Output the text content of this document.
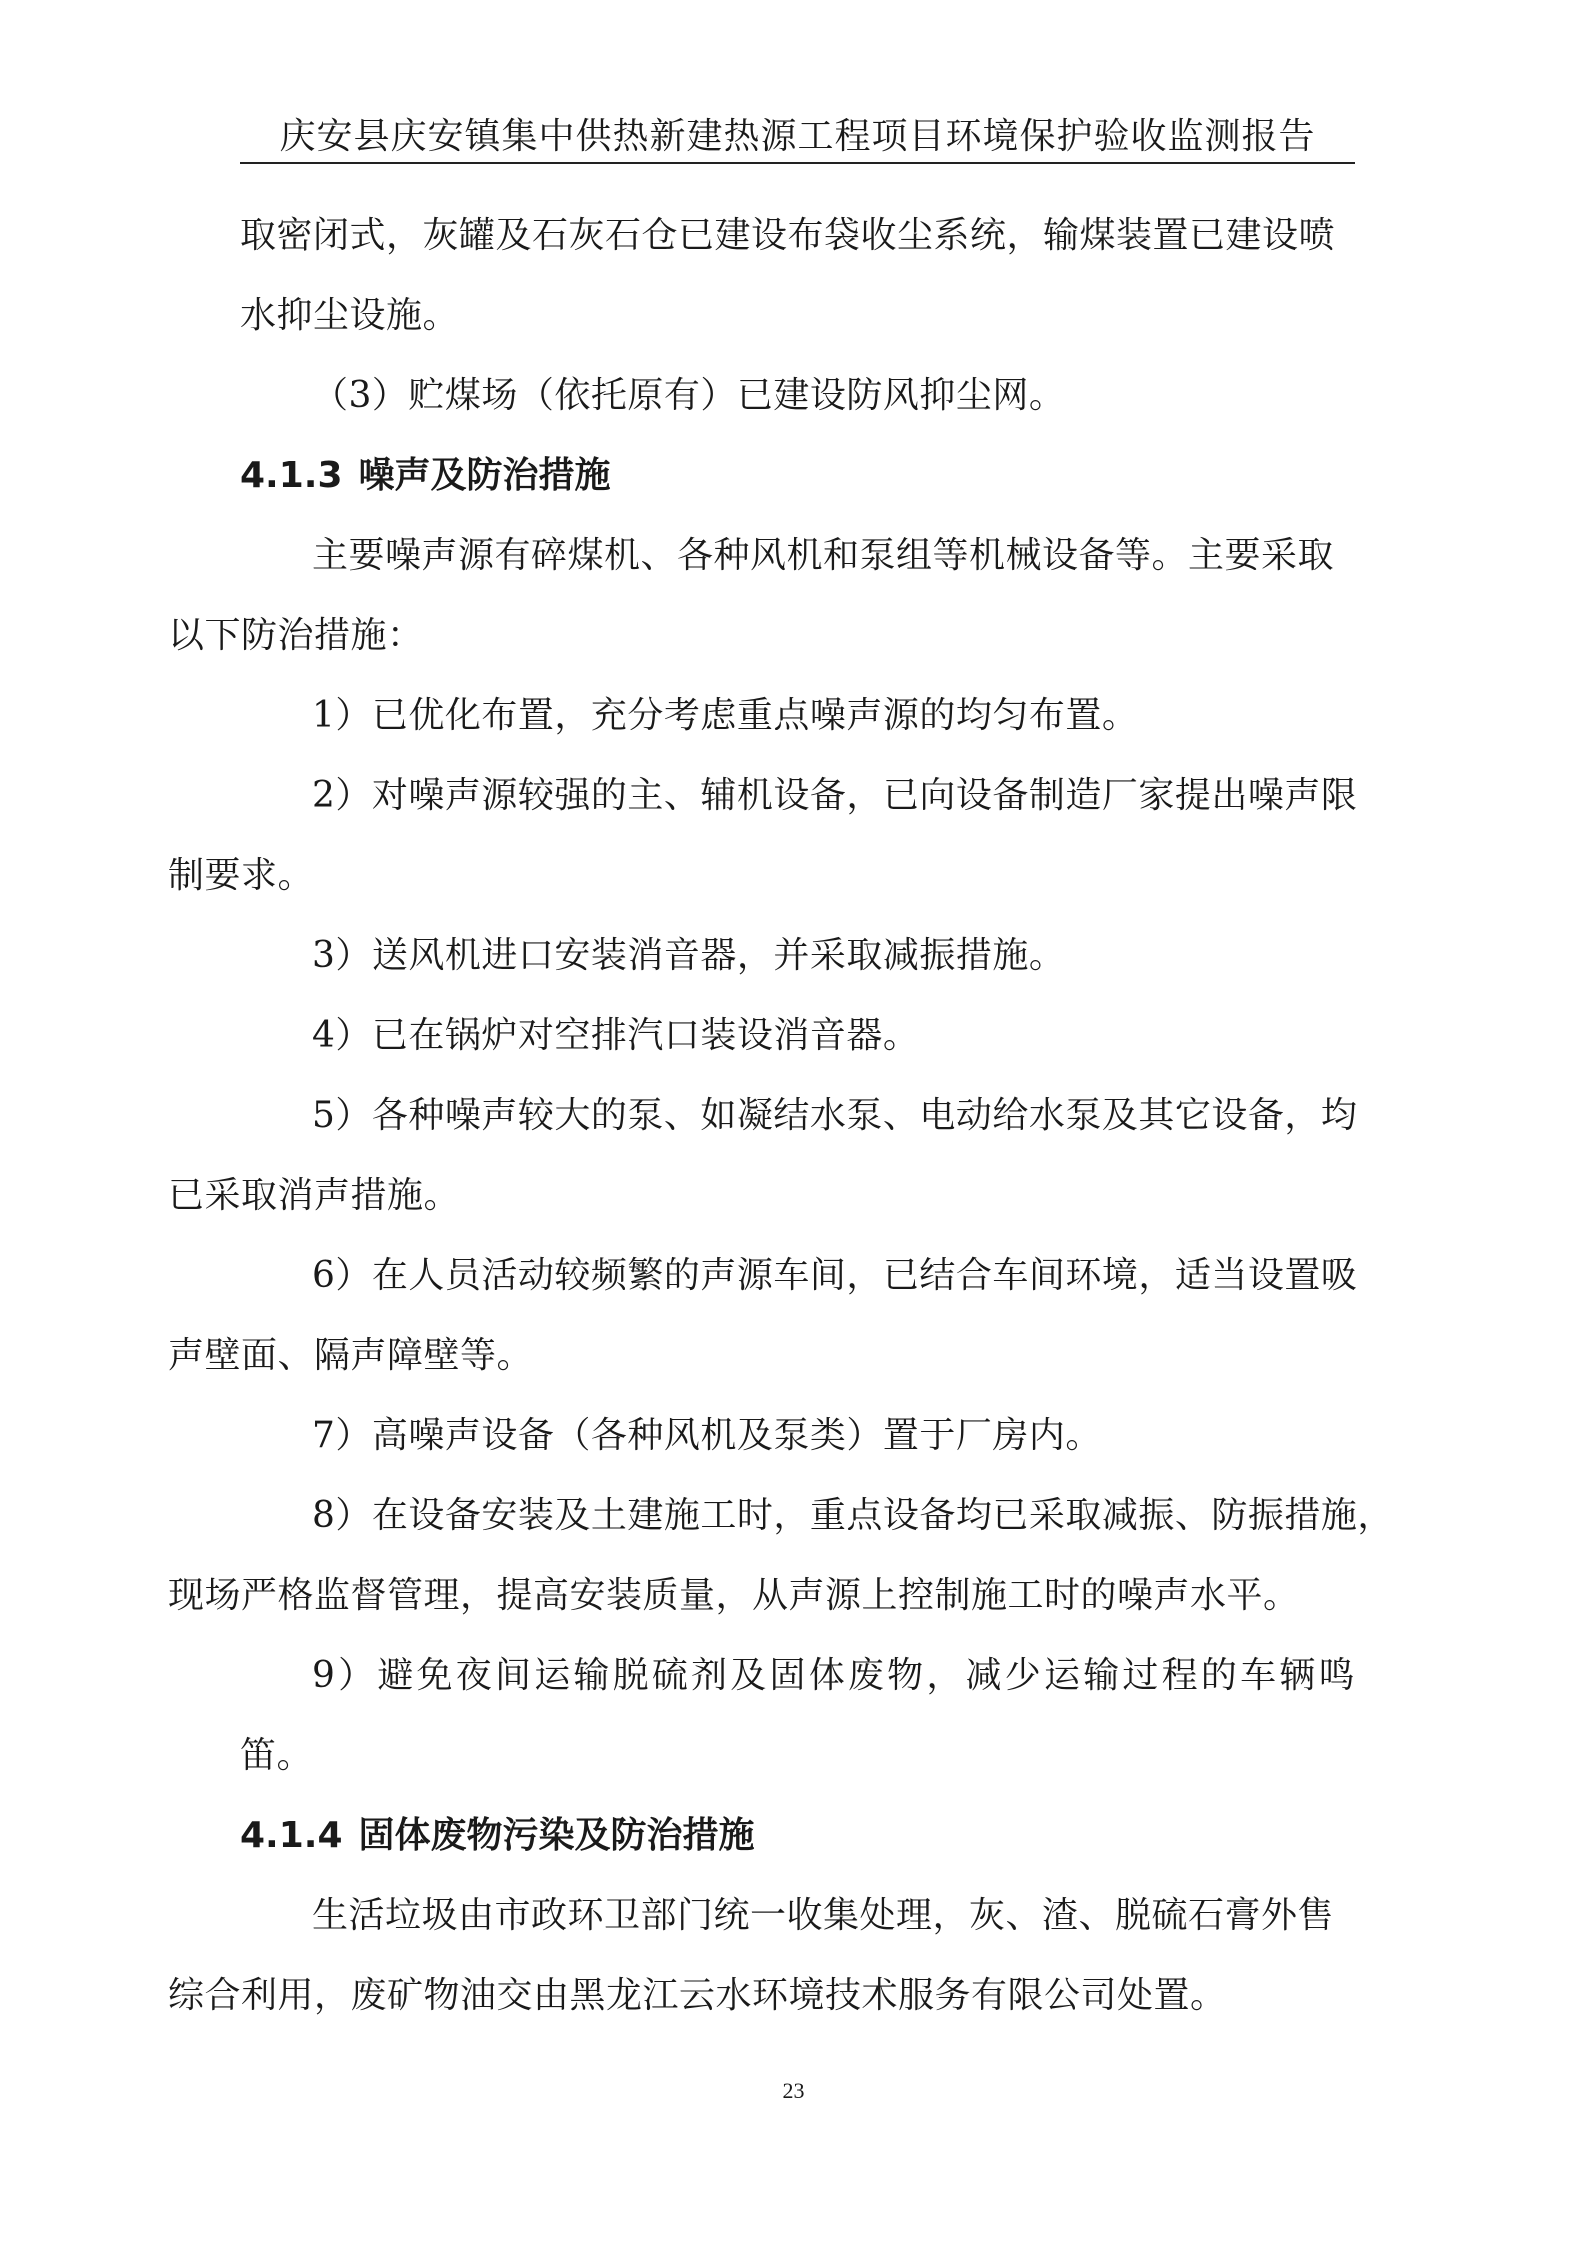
庆安县庆安镇集中供热新建热源工程项目环境保护验收监测报告

取密闭式，灰罐及石灰石仓已建设布袋收尘系统，输煤装置已建设喷
水抑尘设施。

（3）贮煤场（依托原有）已建设防风抑尘网。

4.1.3 噪声及防治措施

主要噪声源有碎煤机、各种风机和泵组等机械设备等。主要采取
以下防治措施：

1）已优化布置，充分考虑重点噪声源的均匀布置。

2）对噪声源较强的主、辅机设备，已向设备制造厂家提出噪声限
制要求。

3）送风机进口安装消音器，并采取减振措施。

4）已在锅炉对空排汽口装设消音器。

5）各种噪声较大的泵、如凝结水泵、电动给水泵及其它设备，均
已采取消声措施。

6）在人员活动较频繁的声源车间，已结合车间环境，适当设置吸
声壁面、隔声障壁等。

7）高噪声设备（各种风机及泵类）置于厂房内。

8）在设备安装及土建施工时，重点设备均已采取减振、防振措施，
现场严格监督管理，提高安装质量，从声源上控制施工时的噪声水平。

9）避免夜间运输脱硫剂及固体废物，减少运输过程的车辆鸣笛。

4.1.4 固体废物污染及防治措施

生活垃圾由市政环卫部门统一收集处理，灰、渣、脱硫石膏外售
综合利用，废矿物油交由黑龙江云水环境技术服务有限公司处置。

23
